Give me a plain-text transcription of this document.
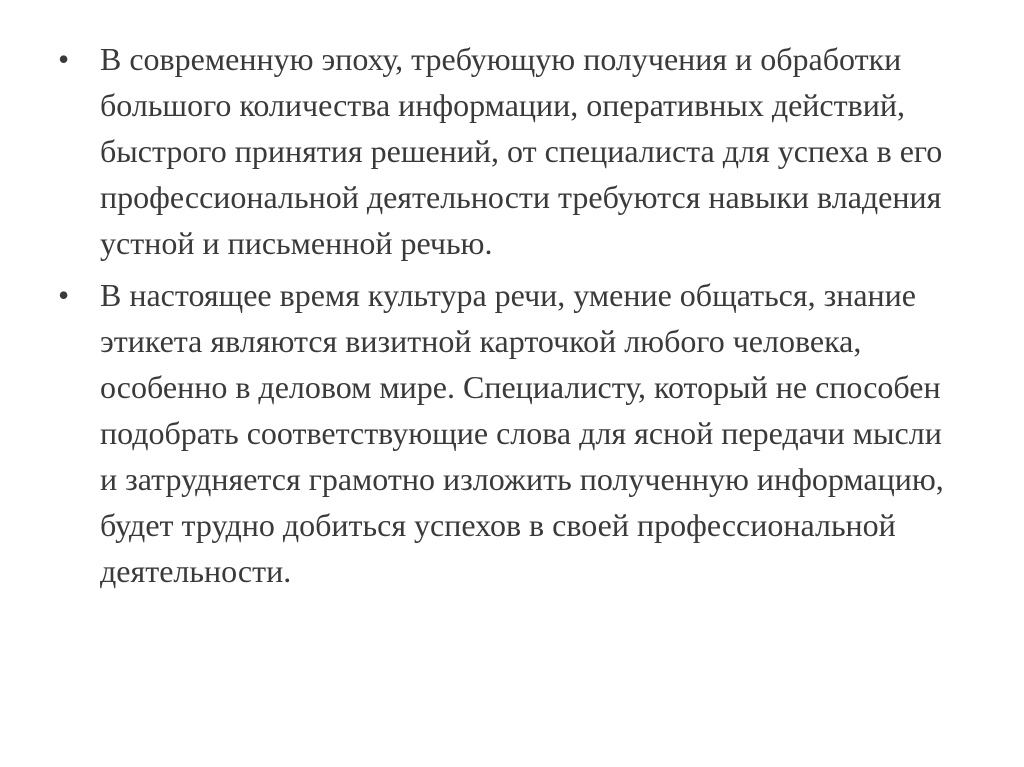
• В современную эпоху, требующую получения и обработки большого количества информации, оперативных действий, быстрого принятия решений, от специалиста для успеха в его профессиональной деятельности требуются навыки владения устной и письменной речью.
• В настоящее время культура речи, умение общаться, знание этикета являются визитной карточкой любого человека, особенно в деловом мире. Специалисту, который не способен подобрать соответствующие слова для ясной передачи мысли и затрудняется грамотно изложить полученную информацию, будет трудно добиться успехов в своей профессиональной деятельности.
